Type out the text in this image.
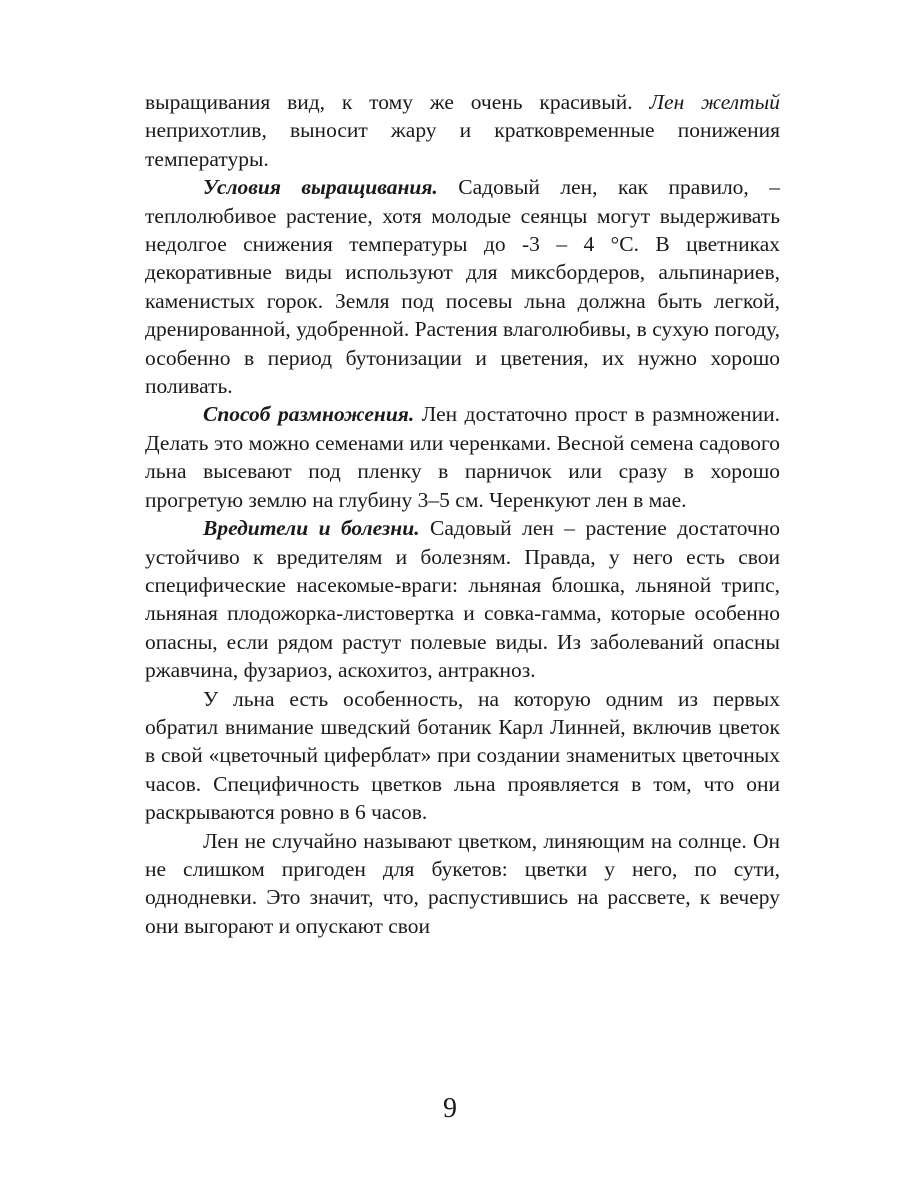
выращивания вид, к тому же очень красивый. Лен желтый неприхотлив, выносит жару и кратковременные понижения температуры.

Условия выращивания. Садовый лен, как правило, – теплолюбивое растение, хотя молодые сеянцы могут выдерживать недолгое снижения температуры до -3 – 4 °С. В цветниках декоративные виды используют для миксбордеров, альпинариев, каменистых горок. Земля под посевы льна должна быть легкой, дренированной, удобренной. Растения влаголюбивы, в сухую погоду, особенно в период бутонизации и цветения, их нужно хорошо поливать.

Способ размножения. Лен достаточно прост в размножении. Делать это можно семенами или черенками. Весной семена садового льна высевают под пленку в парничок или сразу в хорошо прогретую землю на глубину 3–5 см. Черенкуют лен в мае.

Вредители и болезни. Садовый лен – растение достаточно устойчиво к вредителям и болезням. Правда, у него есть свои специфические насекомые-враги: льняная блошка, льняной трипс, льняная плодожорка-листовертка и совка-гамма, которые особенно опасны, если рядом растут полевые виды. Из заболеваний опасны ржавчина, фузариоз, аскохитоз, антракноз.

У льна есть особенность, на которую одним из первых обратил внимание шведский ботаник Карл Линней, включив цветок в свой «цветочный циферблат» при создании знаменитых цветочных часов. Специфичность цветков льна проявляется в том, что они раскрываются ровно в 6 часов.

Лен не случайно называют цветком, линяющим на солнце. Он не слишком пригоден для букетов: цветки у него, по сути, однодневки. Это значит, что, распустившись на рассвете, к вечеру они выгорают и опускают свои

9
